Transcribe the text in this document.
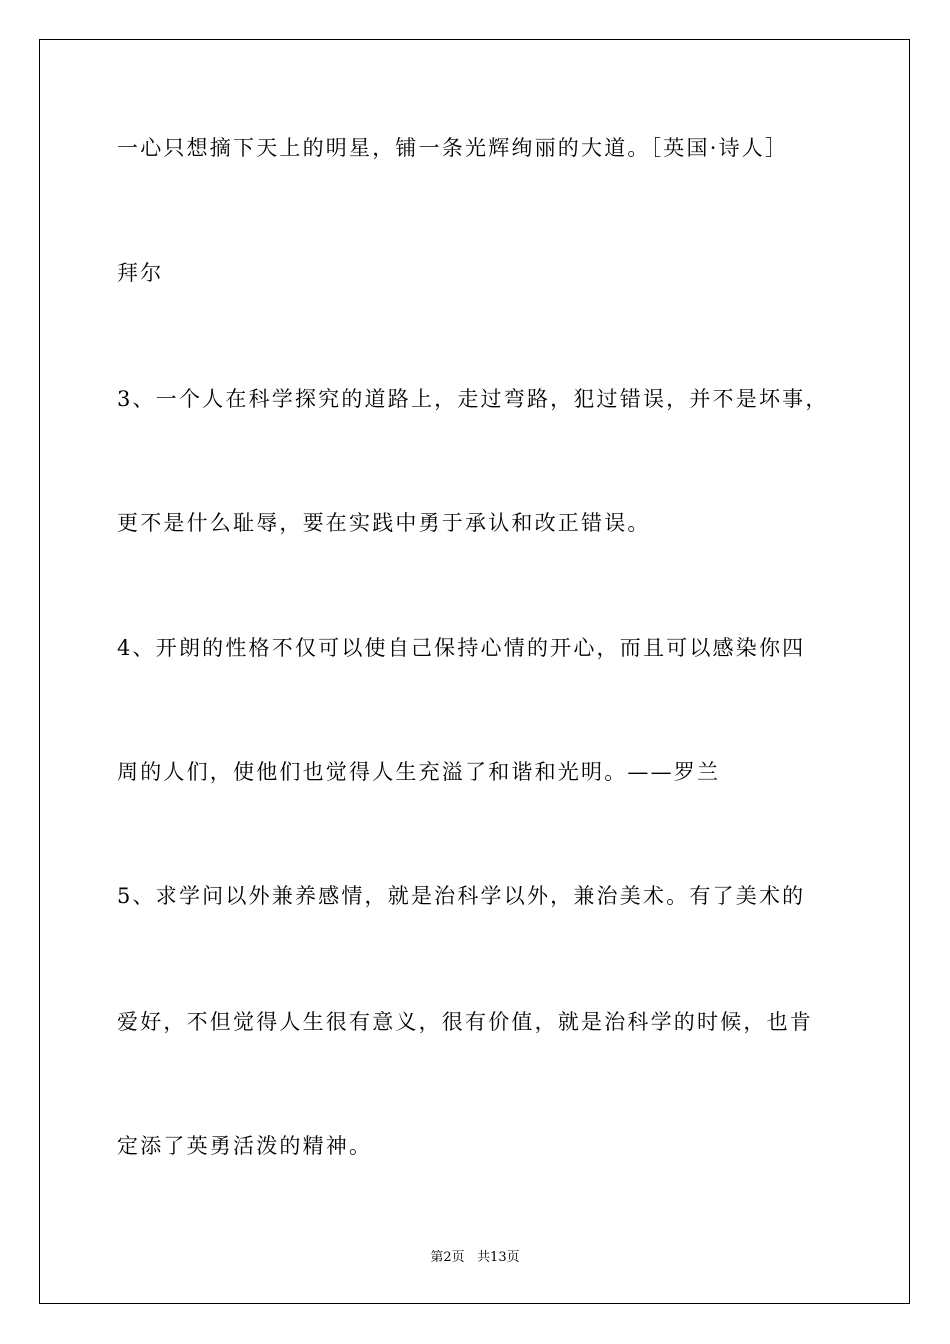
一心只想摘下天上的明星，铺一条光辉绚丽的大道。［英国·诗人］
拜尔
3、一个人在科学探究的道路上，走过弯路，犯过错误，并不是坏事，
更不是什么耻辱，要在实践中勇于承认和改正错误。
4、开朗的性格不仅可以使自己保持心情的开心，而且可以感染你四
周的人们，使他们也觉得人生充溢了和谐和光明。——罗兰
5、求学问以外兼养感情，就是治科学以外，兼治美术。有了美术的
爱好，不但觉得人生很有意义，很有价值，就是治科学的时候，也肯
定添了英勇活泼的精神。
第2页   共13页
